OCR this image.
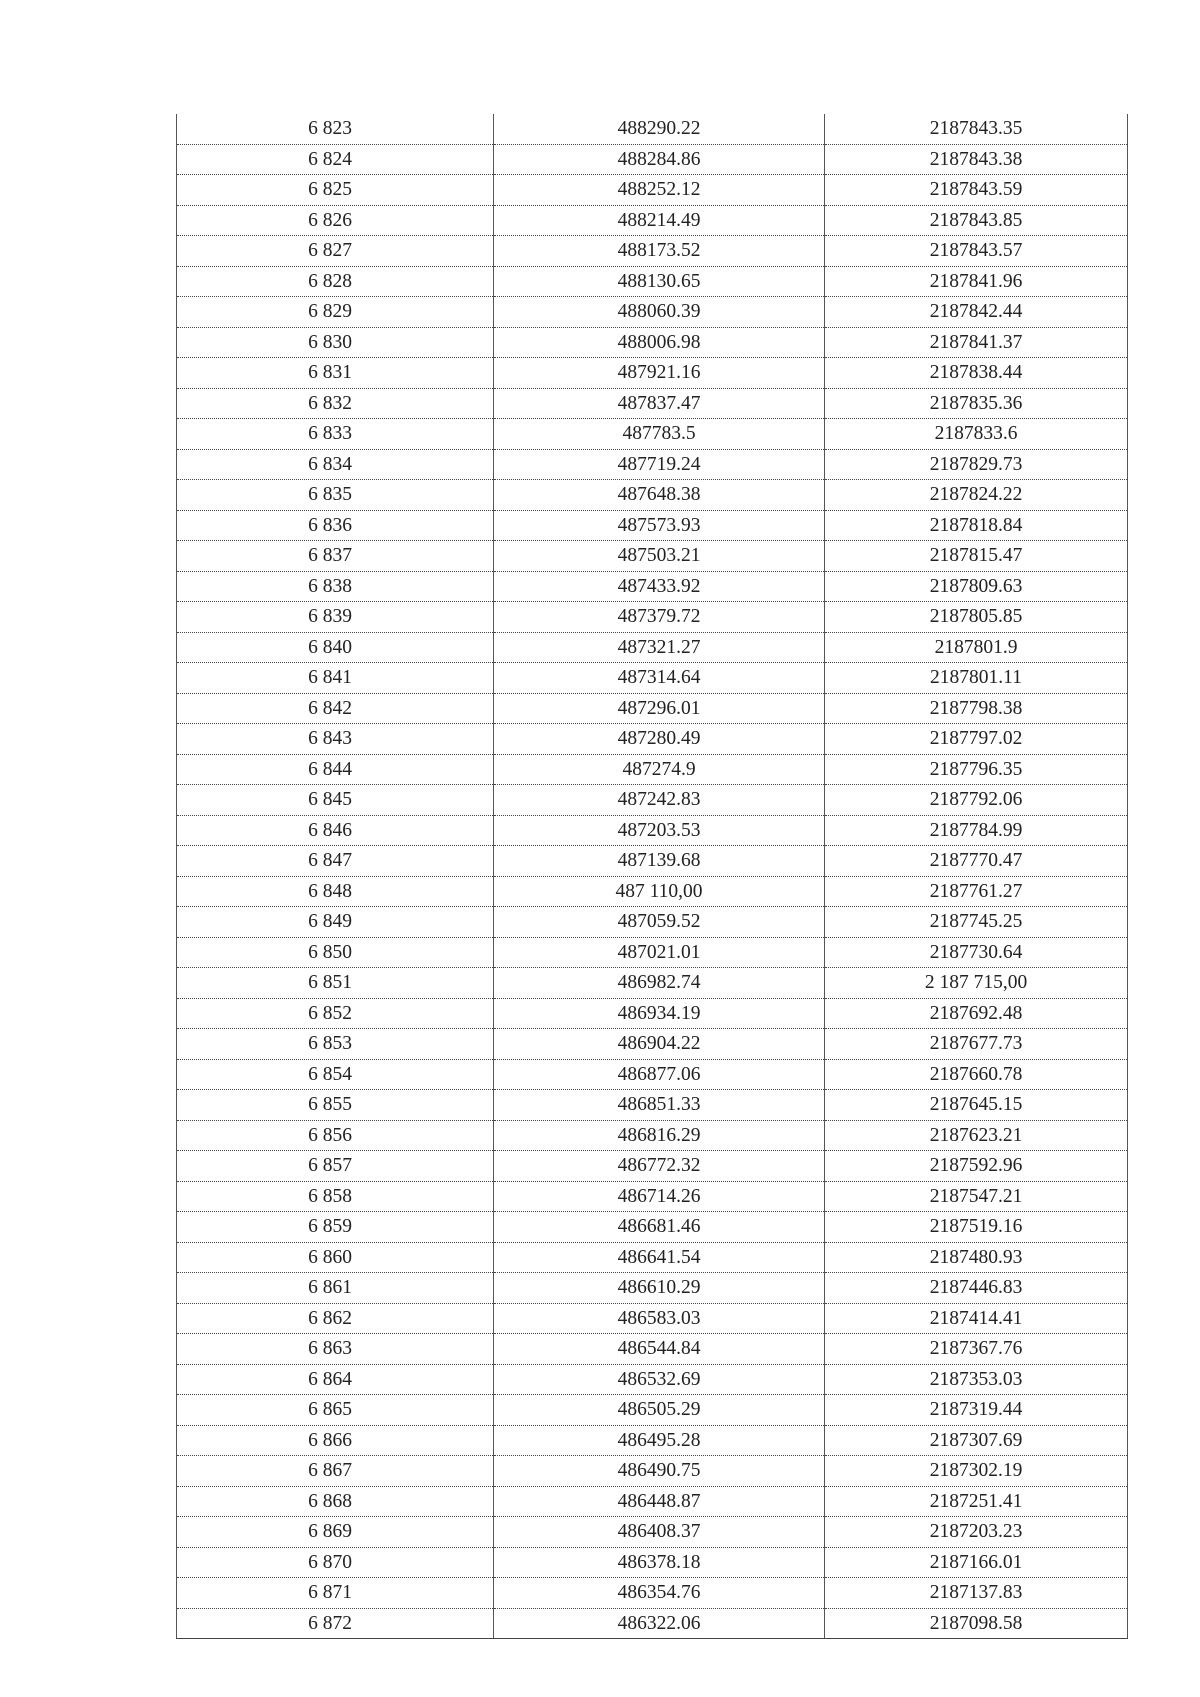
6 823	488290.22	2187843.35
6 824	488284.86	2187843.38
6 825	488252.12	2187843.59
6 826	488214.49	2187843.85
6 827	488173.52	2187843.57
6 828	488130.65	2187841.96
6 829	488060.39	2187842.44
6 830	488006.98	2187841.37
6 831	487921.16	2187838.44
6 832	487837.47	2187835.36
6 833	487783.5	2187833.6
6 834	487719.24	2187829.73
6 835	487648.38	2187824.22
6 836	487573.93	2187818.84
6 837	487503.21	2187815.47
6 838	487433.92	2187809.63
6 839	487379.72	2187805.85
6 840	487321.27	2187801.9
6 841	487314.64	2187801.11
6 842	487296.01	2187798.38
6 843	487280.49	2187797.02
6 844	487274.9	2187796.35
6 845	487242.83	2187792.06
6 846	487203.53	2187784.99
6 847	487139.68	2187770.47
6 848	487 110,00	2187761.27
6 849	487059.52	2187745.25
6 850	487021.01	2187730.64
6 851	486982.74	2 187 715,00
6 852	486934.19	2187692.48
6 853	486904.22	2187677.73
6 854	486877.06	2187660.78
6 855	486851.33	2187645.15
6 856	486816.29	2187623.21
6 857	486772.32	2187592.96
6 858	486714.26	2187547.21
6 859	486681.46	2187519.16
6 860	486641.54	2187480.93
6 861	486610.29	2187446.83
6 862	486583.03	2187414.41
6 863	486544.84	2187367.76
6 864	486532.69	2187353.03
6 865	486505.29	2187319.44
6 866	486495.28	2187307.69
6 867	486490.75	2187302.19
6 868	486448.87	2187251.41
6 869	486408.37	2187203.23
6 870	486378.18	2187166.01
6 871	486354.76	2187137.83
6 872	486322.06	2187098.58
